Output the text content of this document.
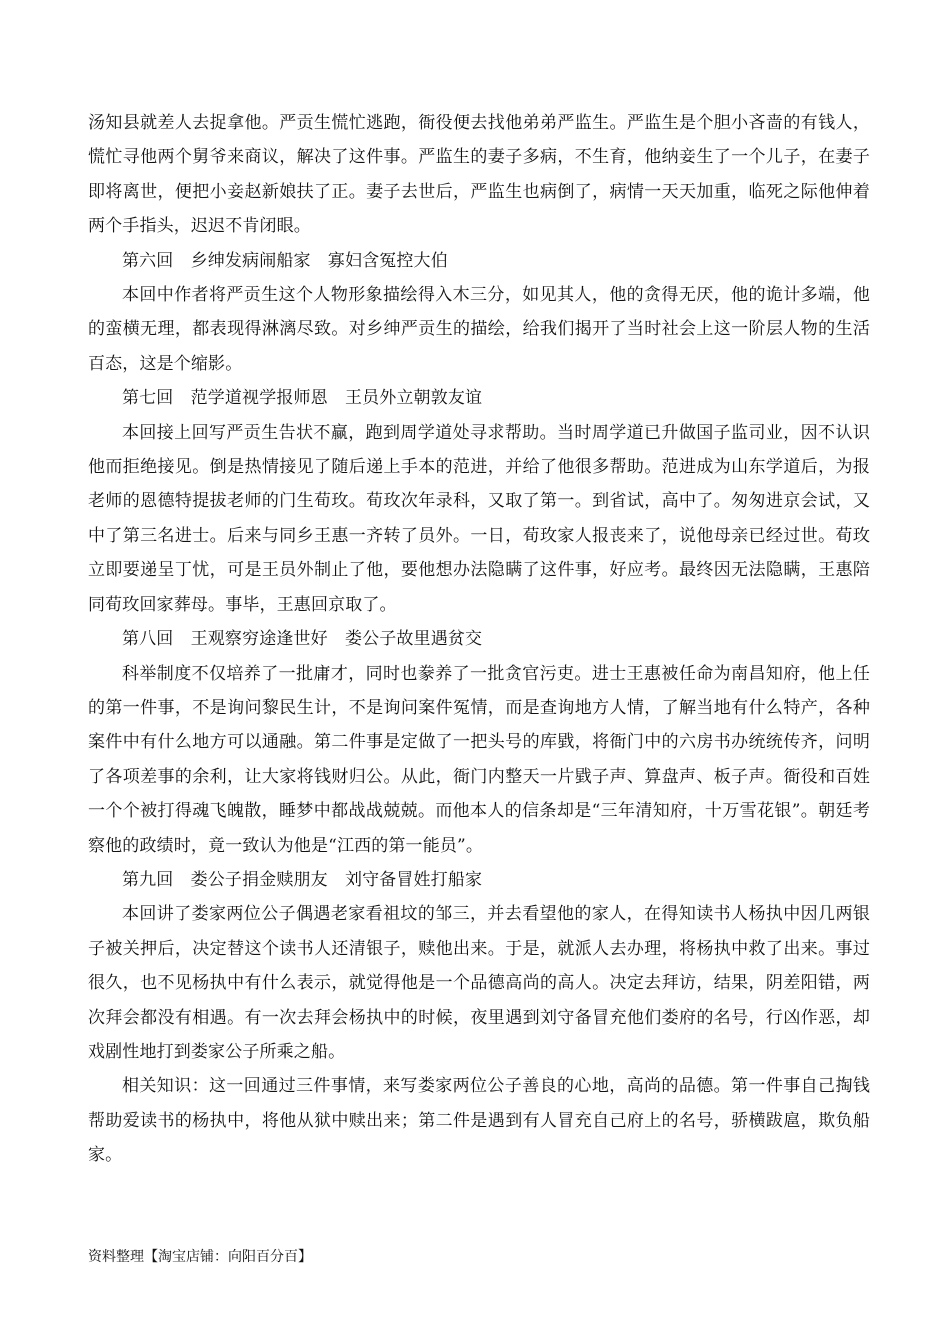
汤知县就差人去捉拿他。严贡生慌忙逃跑，衙役便去找他弟弟严监生。严监生是个胆小吝啬的有钱人，慌忙寻他两个舅爷来商议，解决了这件事。严监生的妻子多病，不生育，他纳妾生了一个儿子，在妻子即将离世，便把小妾赵新娘扶了正。妻子去世后，严监生也病倒了，病情一天天加重，临死之际他伸着两个手指头，迟迟不肯闭眼。

第六回　乡绅发病闹船家　寡妇含冤控大伯

本回中作者将严贡生这个人物形象描绘得入木三分，如见其人，他的贪得无厌，他的诡计多端，他的蛮横无理，都表现得淋漓尽致。对乡绅严贡生的描绘，给我们揭开了当时社会上这一阶层人物的生活百态，这是个缩影。

第七回　范学道视学报师恩　王员外立朝敦友谊

本回接上回写严贡生告状不赢，跑到周学道处寻求帮助。当时周学道已升做国子监司业，因不认识他而拒绝接见。倒是热情接见了随后递上手本的范进，并给了他很多帮助。范进成为山东学道后，为报老师的恩德特提拔老师的门生荀玫。荀玫次年录科，又取了第一。到省试，高中了。匆匆进京会试，又中了第三名进士。后来与同乡王惠一齐转了员外。一日，荀玫家人报丧来了，说他母亲已经过世。荀玫立即要递呈丁忧，可是王员外制止了他，要他想办法隐瞒了这件事，好应考。最终因无法隐瞒，王惠陪同荀玫回家葬母。事毕，王惠回京取了。

第八回　王观察穷途逢世好　娄公子故里遇贫交

科举制度不仅培养了一批庸才，同时也豢养了一批贪官污吏。进士王惠被任命为南昌知府，他上任的第一件事，不是询问黎民生计，不是询问案件冤情，而是查询地方人情，了解当地有什么特产，各种案件中有什么地方可以通融。第二件事是定做了一把头号的库戥，将衙门中的六房书办统统传齐，问明了各项差事的余利，让大家将钱财归公。从此，衙门内整天一片戥子声、算盘声、板子声。衙役和百姓一个个被打得魂飞魄散，睡梦中都战战兢兢。而他本人的信条却是“三年清知府，十万雪花银”。朝廷考察他的政绩时，竟一致认为他是“江西的第一能员”。

第九回　娄公子捐金赎朋友　刘守备冒姓打船家

本回讲了娄家两位公子偶遇老家看祖坟的邹三，并去看望他的家人，在得知读书人杨执中因几两银子被关押后，决定替这个读书人还清银子，赎他出来。于是，就派人去办理，将杨执中救了出来。事过很久，也不见杨执中有什么表示，就觉得他是一个品德高尚的高人。决定去拜访，结果，阴差阳错，两次拜会都没有相遇。有一次去拜会杨执中的时候，夜里遇到刘守备冒充他们娄府的名号，行凶作恶，却戏剧性地打到娄家公子所乘之船。

相关知识：这一回通过三件事情，来写娄家两位公子善良的心地，高尚的品德。第一件事自己掏钱帮助爱读书的杨执中，将他从狱中赎出来；第二件是遇到有人冒充自己府上的名号，骄横跋扈，欺负船家。

资料整理【淘宝店铺：向阳百分百】
